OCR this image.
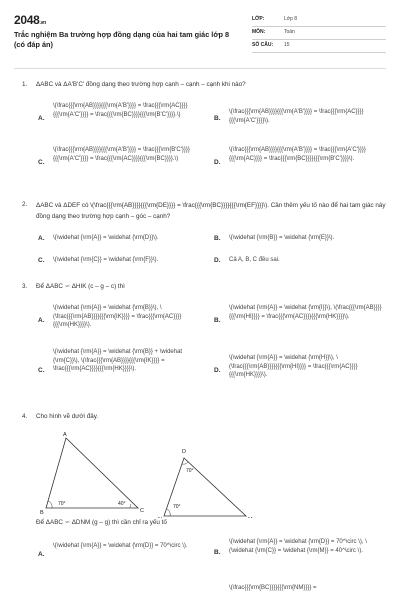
2048.vn
Trắc nghiệm Ba trường hợp đồng dạng của hai tam giác lớp 8 (có đáp án)
LỚP:	Lớp 8
MÔN:	Toán
SỐ CÂU:	15
1.	ΔABC và ΔA'B'C' đồng dạng theo trường hợp cạnh – cạnh – cạnh khi nào?
A.
\(\frac{{{\rm{AB}}}}{{{\rm{A'B'}}}} = \frac{{{\rm{AC}}}}{{{\rm{A'C'}}}} = \frac{{{\rm{BC}}}}{{{\rm{B'C'}}}}.\)
B.
\(\frac{{{\rm{AB}}}}{{{\rm{A'B'}}}} = \frac{{{\rm{AC}}}}{{{\rm{A'C'}}}}\).
C.
\(\frac{{{\rm{AB}}}}{{{\rm{A'B'}}}} = \frac{{{\rm{B'C'}}}}{{{\rm{A'C'}}}} = \frac{{{\rm{AC}}}}{{{\rm{BC}}}}.\)
D.
\(\frac{{{\rm{AB}}}}{{{\rm{A'B'}}}} = \frac{{{\rm{A'C'}}}}{{{\rm{AC}}}} = \frac{{{\rm{BC}}}}{{{\rm{B'C'}}}}\).
2.	ΔABC và ΔDEF có \(\frac{{{\rm{AB}}}}{{{\rm{DE}}}} = \frac{{{\rm{BC}}}}{{{\rm{EF}}}}\). Cần thêm yếu tố nào để hai tam giác này đồng dạng theo trường hợp cạnh – góc – cạnh?
A. \(\widehat {\rm{A}} = \widehat {\rm{D}}\).	B. \(\widehat {\rm{B}} = \widehat {\rm{E}}\).
C. \(\widehat {\rm{C}} = \widehat {\rm{F}}\).	D. Cả A, B, C đều sai.
3.	Để ΔABC ∽ ΔHIK (c – g – c) thì
A.
\(\widehat {\rm{A}} = \widehat {\rm{B}}\), \(\frac{{{\rm{AB}}}}{{{\rm{IK}}}} = \frac{{{\rm{AC}}}}{{{\rm{HK}}}}\).
B.
\(\widehat {\rm{A}} = \widehat {\rm{I}}\), \(\frac{{{\rm{AB}}}}{{{\rm{HI}}}} = \frac{{{\rm{AC}}}}{{{\rm{HK}}}}\).
C.
\(\widehat {\rm{A}} = \widehat {\rm{B}} + \widehat {\rm{C}}\), \(\frac{{{\rm{AB}}}}{{{\rm{IK}}}} = \frac{{{\rm{AC}}}}{{{\rm{HK}}}}\).	D.
\(\widehat {\rm{A}} = \widehat {\rm{H}}\), \(\frac{{{\rm{AB}}}}{{{\rm{HI}}}} = \frac{{{\rm{AC}}}}{{{\rm{HK}}}}\).
4.	Cho hình vẽ dưới đây.
A
B	C
70°	40°
D
70°
70°
Để ΔABC ∽ ΔDNM (g – g) thì cần chỉ ra yếu tố
A.
\(\widehat {\rm{A}} = \widehat {\rm{D}} = 70^\circ \).
B.
\(\widehat {\rm{A}} = \widehat {\rm{D}} = 70^\circ \), \(\widehat {\rm{C}} = \widehat {\rm{M}} = 40^\circ \).
\(\frac{{{\rm{BC}}}}{{{\rm{NM}}}} =
